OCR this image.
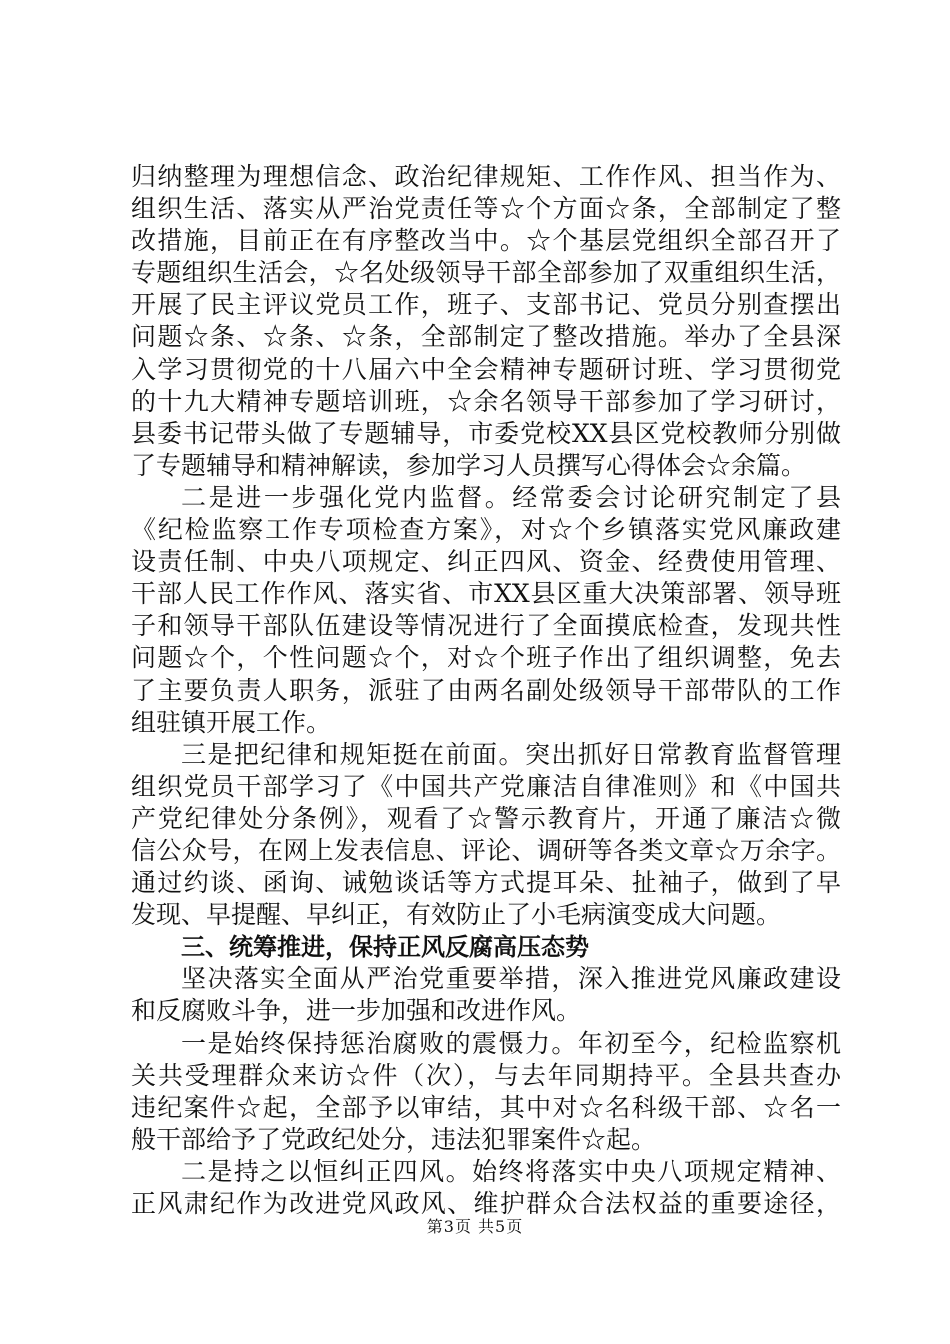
归纳整理为理想信念、政治纪律规矩、工作作风、担当作为、
组织生活、落实从严治党责任等☆个方面☆条，全部制定了整
改措施，目前正在有序整改当中。☆个基层党组织全部召开了
专题组织生活会，☆名处级领导干部全部参加了双重组织生活，
开展了民主评议党员工作，班子、支部书记、党员分别查摆出
问题☆条、☆条、☆条，全部制定了整改措施。举办了全县深
入学习贯彻党的十八届六中全会精神专题研讨班、学习贯彻党
的十九大精神专题培训班，☆余名领导干部参加了学习研讨，
县委书记带头做了专题辅导，市委党校XX县区党校教师分别做
了专题辅导和精神解读，参加学习人员撰写心得体会☆余篇。
二是进一步强化党内监督。经常委会讨论研究制定了县
《纪检监察工作专项检查方案》，对☆个乡镇落实党风廉政建
设责任制、中央八项规定、纠正四风、资金、经费使用管理、
干部人民工作作风、落实省、市XX县区重大决策部署、领导班
子和领导干部队伍建设等情况进行了全面摸底检查，发现共性
问题☆个，个性问题☆个，对☆个班子作出了组织调整，免去
了主要负责人职务，派驻了由两名副处级领导干部带队的工作
组驻镇开展工作。
三是把纪律和规矩挺在前面。突出抓好日常教育监督管理
组织党员干部学习了《中国共产党廉洁自律准则》和《中国共
产党纪律处分条例》，观看了☆警示教育片，开通了廉洁☆微
信公众号，在网上发表信息、评论、调研等各类文章☆万余字。
通过约谈、函询、诫勉谈话等方式提耳朵、扯袖子，做到了早
发现、早提醒、早纠正，有效防止了小毛病演变成大问题。
三、统筹推进，保持正风反腐高压态势
坚决落实全面从严治党重要举措，深入推进党风廉政建设
和反腐败斗争，进一步加强和改进作风。
一是始终保持惩治腐败的震慑力。年初至今，纪检监察机
关共受理群众来访☆件（次），与去年同期持平。全县共查办
违纪案件☆起，全部予以审结，其中对☆名科级干部、☆名一
般干部给予了党政纪处分，违法犯罪案件☆起。
二是持之以恒纠正四风。始终将落实中央八项规定精神、
正风肃纪作为改进党风政风、维护群众合法权益的重要途径，
第3页 共5页
